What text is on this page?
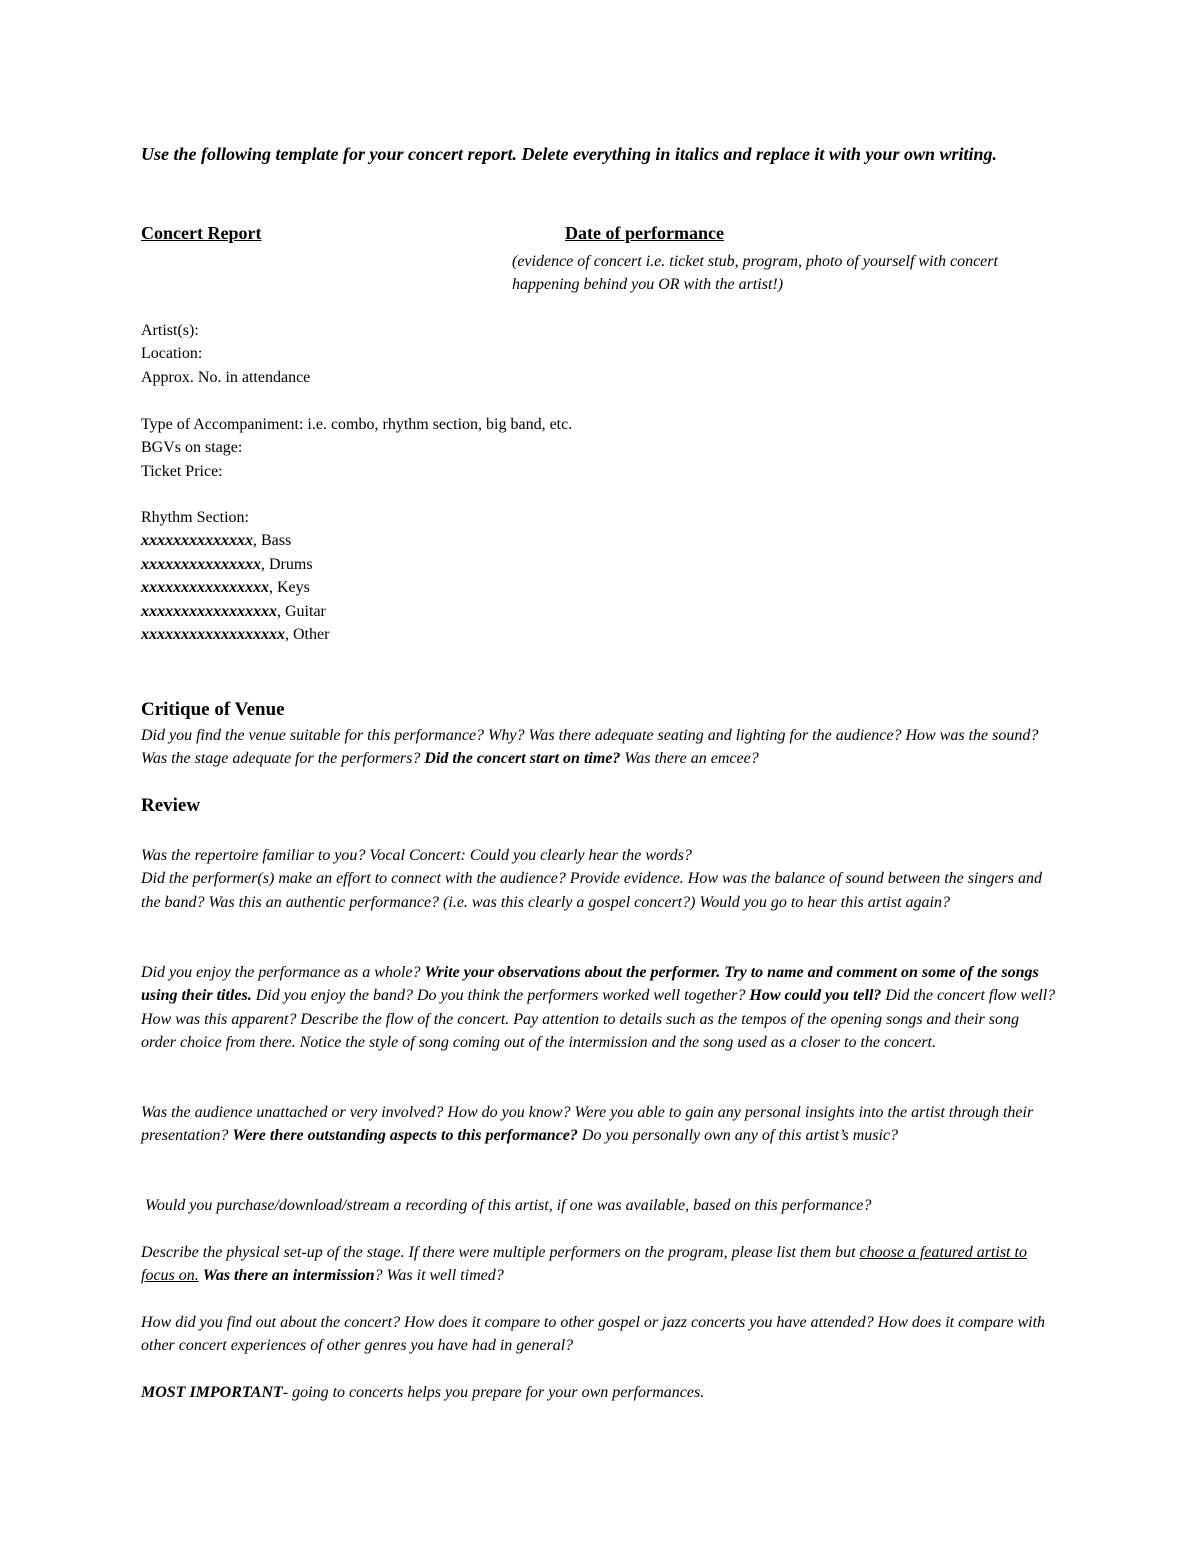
Use the following template for your concert report. Delete everything in italics and replace it with your own writing.
Concert Report	Date of performance
(evidence of concert i.e. ticket stub, program, photo of yourself with concert happening behind you OR with the artist!)
Artist(s):
Location:
Approx. No. in attendance
Type of Accompaniment: i.e. combo, rhythm section, big band, etc.
BGVs on stage:
Ticket Price:
Rhythm Section:
xxxxxxxxxxxxxx, Bass
xxxxxxxxxxxxxxx, Drums
xxxxxxxxxxxxxxxx, Keys
xxxxxxxxxxxxxxxxx, Guitar
xxxxxxxxxxxxxxxxxx, Other
Critique of Venue
Did you find the venue suitable for this performance? Why? Was there adequate seating and lighting for the audience? How was the sound? Was the stage adequate for the performers? Did the concert start on time? Was there an emcee?
Review
Was the repertoire familiar to you? Vocal Concert: Could you clearly hear the words?
Did the performer(s) make an effort to connect with the audience? Provide evidence. How was the balance of sound between the singers and the band? Was this an authentic performance? (i.e. was this clearly a gospel concert?) Would you go to hear this artist again?
Did you enjoy the performance as a whole? Write your observations about the performer. Try to name and comment on some of the songs using their titles. Did you enjoy the band? Do you think the performers worked well together? How could you tell? Did the concert flow well? How was this apparent? Describe the flow of the concert. Pay attention to details such as the tempos of the opening songs and their song order choice from there. Notice the style of song coming out of the intermission and the song used as a closer to the concert.
Was the audience unattached or very involved? How do you know? Were you able to gain any personal insights into the artist through their presentation? Were there outstanding aspects to this performance? Do you personally own any of this artist’s music?
Would you purchase/download/stream a recording of this artist, if one was available, based on this performance?
Describe the physical set-up of the stage. If there were multiple performers on the program, please list them but choose a featured artist to focus on. Was there an intermission? Was it well timed?
How did you find out about the concert? How does it compare to other gospel or jazz concerts you have attended? How does it compare with other concert experiences of other genres you have had in general?
MOST IMPORTANT- going to concerts helps you prepare for your own performances.
